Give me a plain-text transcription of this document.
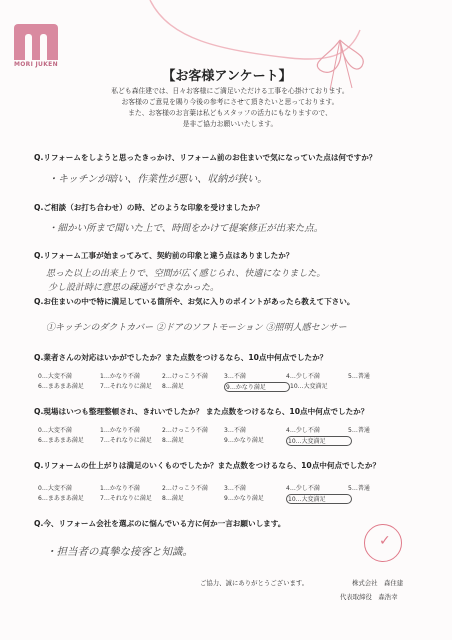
MORI JUKEN
【お客様アンケート】
私ども森住建では、日々お客様にご満足いただける工事を心掛けております。
お客様のご意見を賜り今後の参考にさせて頂きたいと思っております。
また、お客様のお言葉は私どもスタッフの活力にもなりますので、
是非ご協力お願いいたします。
Q.リフォームをしようと思ったきっかけ、リフォーム前のお住まいで気になっていた点は何ですか？
・キッチンが暗い、作業性が悪い、収納が狭い。
Q.ご相談（お打ち合わせ）の時、どのような印象を受けましたか？
・細かい所まで聞いた上で、時間をかけて提案修正が出来た点。
Q.リフォーム工事が始まってみて、契約前の印象と違う点はありましたか？
思った以上の出来上りで、空間が広く感じられ、快適になりました。
少し設計時に意思の疎通ができなかった。
Q.お住まいの中で特に満足している箇所や、お気に入りのポイントがあったら教えて下さい。
①キッチンのダクトカバー ②ドアのソフトモーション ③照明人感センサー
Q.業者さんの対応はいかがでしたか？また点数をつけるなら、10点中何点でしたか？
0…大変不満	1…かなり不満	2…けっこう不満	3…不満	4…少し不満	5…普通
6…まあまあ満足	7…それなりに満足	8…満足	9…かなり満足	10…大変満足
Q.現場はいつも整理整頓され、きれいでしたか？ また点数をつけるなら、10点中何点でしたか？
0…大変不満	1…かなり不満	2…けっこう不満	3…不満	4…少し不満	5…普通
6…まあまあ満足	7…それなりに満足	8…満足	9…かなり満足	10…大変満足
Q.リフォームの仕上がりは満足のいくものでしたか？また点数をつけるなら、10点中何点でしたか？
0…大変不満	1…かなり不満	2…けっこう不満	3…不満	4…少し不満	5…普通
6…まあまあ満足	7…それなりに満足	8…満足	9…かなり満足	10…大変満足
Q.今、リフォーム会社を選ぶのに悩んでいる方に何か一言お願いします。
・担当者の真摯な接客と知識。
✓
ご協力、誠にありがとうございます。	株式会社　森住建
代表取締役　森浩幸
